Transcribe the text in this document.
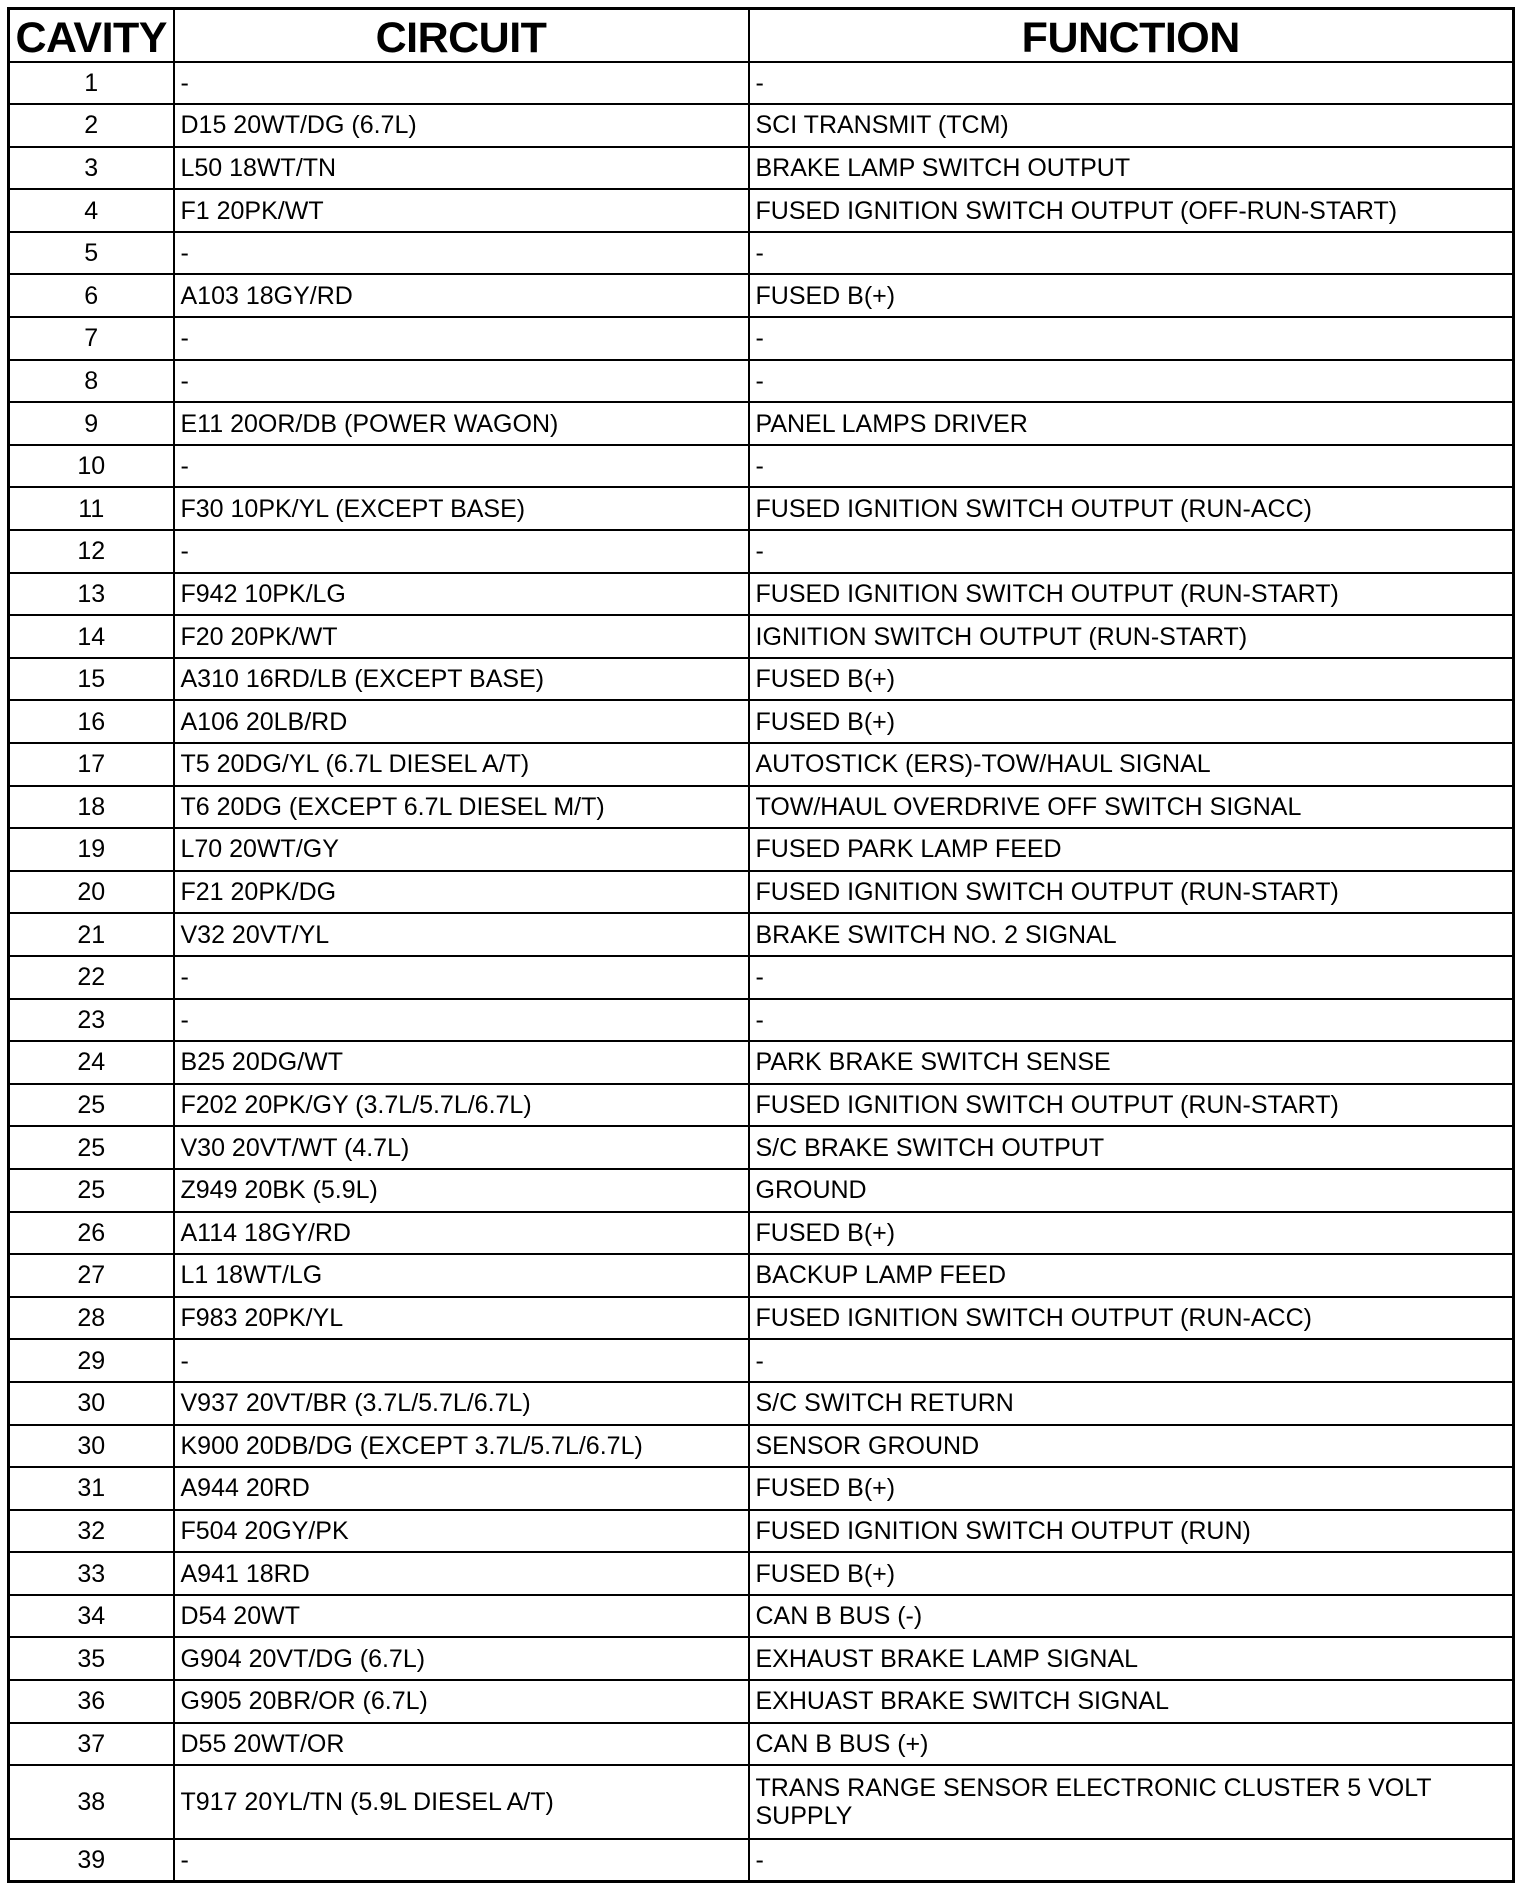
CAVITY	CIRCUIT	FUNCTION
1	-	-
2	D15 20WT/DG (6.7L)	SCI TRANSMIT (TCM)
3	L50 18WT/TN	BRAKE LAMP SWITCH OUTPUT
4	F1 20PK/WT	FUSED IGNITION SWITCH OUTPUT (OFF-RUN-START)
5	-	-
6	A103 18GY/RD	FUSED B(+)
7	-	-
8	-	-
9	E11 20OR/DB (POWER WAGON)	PANEL LAMPS DRIVER
10	-	-
11	F30 10PK/YL (EXCEPT BASE)	FUSED IGNITION SWITCH OUTPUT (RUN-ACC)
12	-	-
13	F942 10PK/LG	FUSED IGNITION SWITCH OUTPUT (RUN-START)
14	F20 20PK/WT	IGNITION SWITCH OUTPUT (RUN-START)
15	A310 16RD/LB (EXCEPT BASE)	FUSED B(+)
16	A106 20LB/RD	FUSED B(+)
17	T5 20DG/YL (6.7L DIESEL A/T)	AUTOSTICK (ERS)-TOW/HAUL SIGNAL
18	T6 20DG (EXCEPT 6.7L DIESEL M/T)	TOW/HAUL OVERDRIVE OFF SWITCH SIGNAL
19	L70 20WT/GY	FUSED PARK LAMP FEED
20	F21 20PK/DG	FUSED IGNITION SWITCH OUTPUT (RUN-START)
21	V32 20VT/YL	BRAKE SWITCH NO. 2 SIGNAL
22	-	-
23	-	-
24	B25 20DG/WT	PARK BRAKE SWITCH SENSE
25	F202 20PK/GY (3.7L/5.7L/6.7L)	FUSED IGNITION SWITCH OUTPUT (RUN-START)
25	V30 20VT/WT (4.7L)	S/C BRAKE SWITCH OUTPUT
25	Z949 20BK (5.9L)	GROUND
26	A114 18GY/RD	FUSED B(+)
27	L1 18WT/LG	BACKUP LAMP FEED
28	F983 20PK/YL	FUSED IGNITION SWITCH OUTPUT (RUN-ACC)
29	-	-
30	V937 20VT/BR (3.7L/5.7L/6.7L)	S/C SWITCH RETURN
30	K900 20DB/DG (EXCEPT 3.7L/5.7L/6.7L)	SENSOR GROUND
31	A944 20RD	FUSED B(+)
32	F504 20GY/PK	FUSED IGNITION SWITCH OUTPUT (RUN)
33	A941 18RD	FUSED B(+)
34	D54 20WT	CAN B BUS (-)
35	G904 20VT/DG (6.7L)	EXHAUST BRAKE LAMP SIGNAL
36	G905 20BR/OR (6.7L)	EXHUAST BRAKE SWITCH SIGNAL
37	D55 20WT/OR	CAN B BUS (+)
38	T917 20YL/TN (5.9L DIESEL A/T)	TRANS RANGE SENSOR ELECTRONIC CLUSTER 5 VOLT SUPPLY
39	-	-
